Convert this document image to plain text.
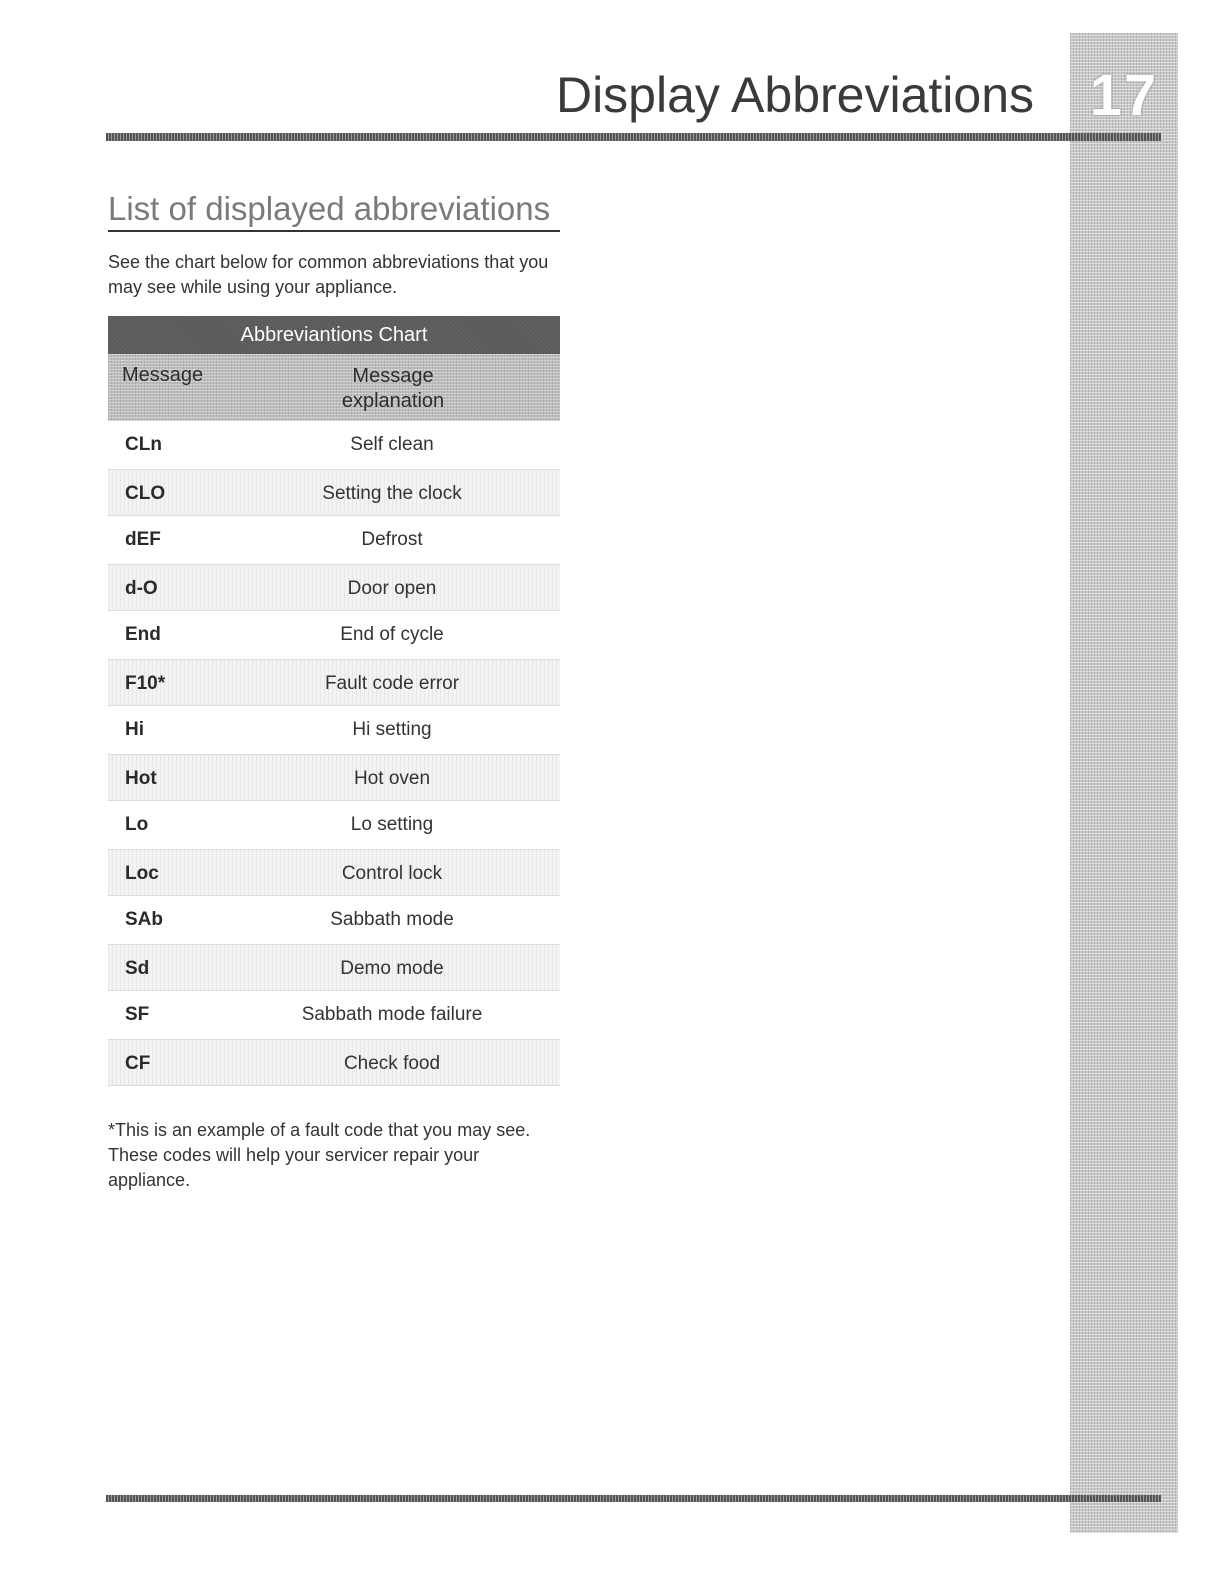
17
Display Abbreviations
List of displayed abbreviations

See the chart below for common abbreviations that you may see while using your appliance.

Abbreviantions Chart
Message	Message explanation
CLn	Self clean
CLO	Setting the clock
dEF	Defrost
d-O	Door open
End	End of cycle
F10*	Fault code error
Hi	Hi setting
Hot	Hot oven
Lo	Lo setting
Loc	Control lock
SAb	Sabbath mode
Sd	Demo mode
SF	Sabbath mode failure
CF	Check food

*This is an example of a fault code that you may see. These codes will help your servicer repair your appliance.
